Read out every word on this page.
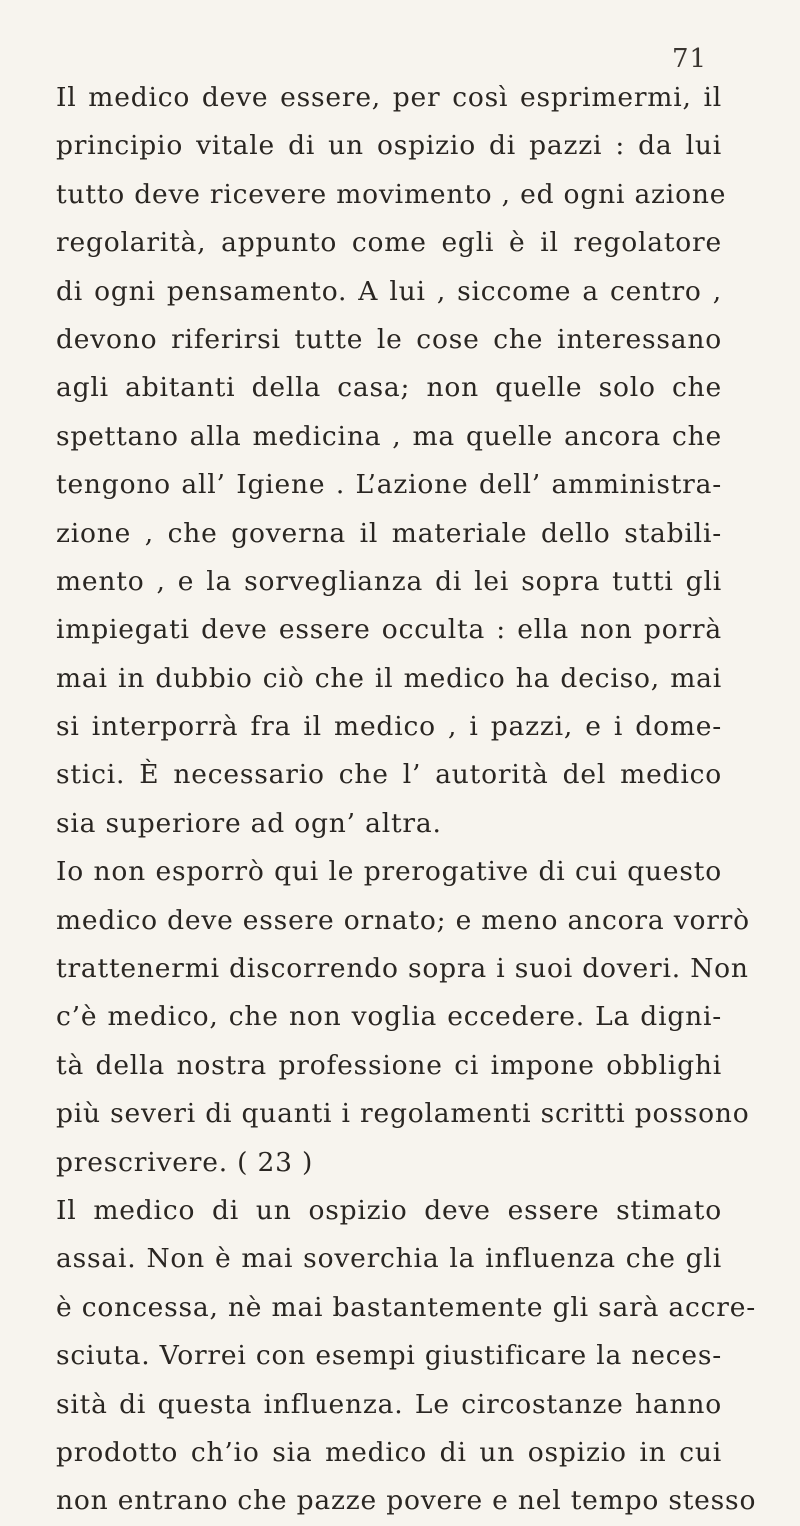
71
Il medico deve essere, per così esprimermi, il
principio vitale di un ospizio di pazzi : da lui
tutto deve ricevere movimento , ed ogni azione
regolarità, appunto come egli è il regolatore
di ogni pensamento. A lui , siccome a centro ,
devono riferirsi tutte le cose che interessano
agli abitanti della casa; non quelle solo che
spettano alla medicina , ma quelle ancora che
tengono all’ Igiene . L’azione dell’ amministra-
zione , che governa il materiale dello stabili-
mento , e la sorveglianza di lei sopra tutti gli
impiegati deve essere occulta : ella non porrà
mai in dubbio ciò che il medico ha deciso, mai
si interporrà fra il medico , i pazzi, e i dome-
stici. È necessario che l’ autorità del medico
sia superiore ad ogn’ altra.
Io non esporrò qui le prerogative di cui questo
medico deve essere ornato; e meno ancora vorrò
trattenermi discorrendo sopra i suoi doveri. Non
c’è medico, che non voglia eccedere. La digni-
tà della nostra professione ci impone obblighi
più severi di quanti i regolamenti scritti possono
prescrivere. ( 23 )
Il medico di un ospizio deve essere stimato
assai. Non è mai soverchia la influenza che gli
è concessa, nè mai bastantemente gli sarà accre-
sciuta. Vorrei con esempi giustificare la neces-
sità di questa influenza. Le circostanze hanno
prodotto ch’io sia medico di un ospizio in cui
non entrano che pazze povere e nel tempo stesso
